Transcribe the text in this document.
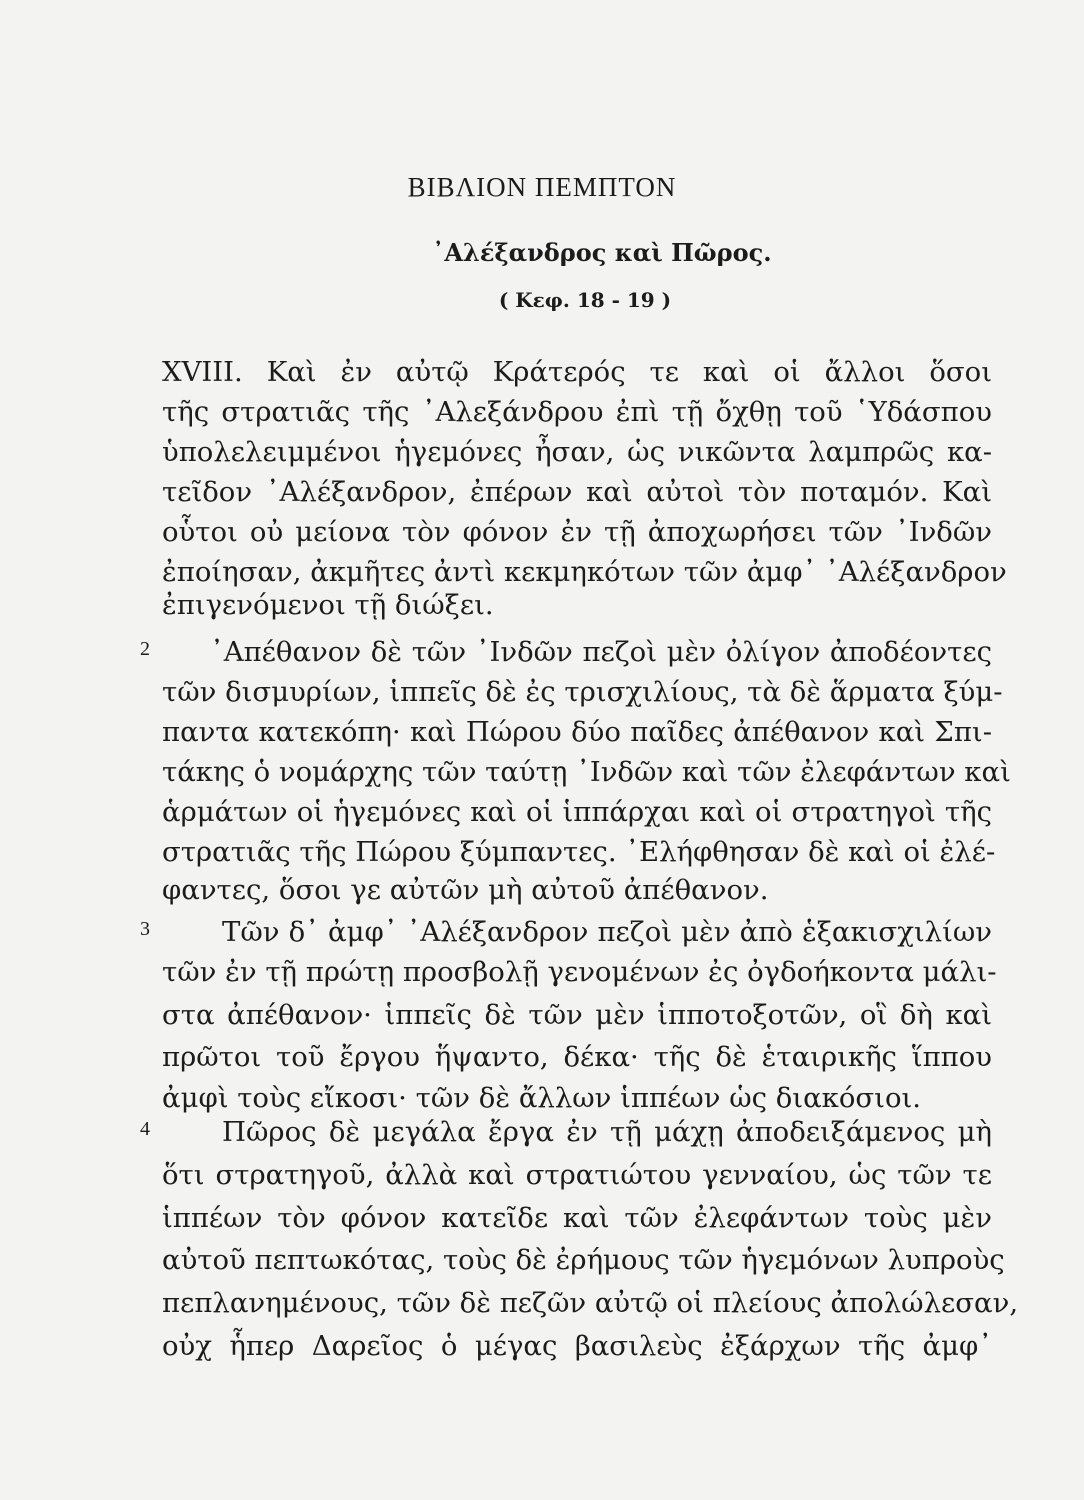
ΒΙΒΛΙΟΝ ΠΕΜΠΤΟΝ
᾿Αλέξανδρος καὶ Πῶρος.
( Κεφ. 18 - 19 )
XVIII. Καὶ ἐν αὐτῷ Κράτερός τε καὶ οἱ ἄλλοι ὅσοι
τῆς στρατιᾶς τῆς ᾿Αλεξάνδρου ἐπὶ τῇ ὄχθῃ τοῦ ῾Υδάσπου
ὑπολελειμμένοι ἡγεμόνες ἦσαν, ὡς νικῶντα λαμπρῶς κα-
τεῖδον ᾿Αλέξανδρον, ἐπέρων καὶ αὐτοὶ τὸν ποταμόν. Καὶ
οὗτοι οὐ μείονα τὸν φόνον ἐν τῇ ἀποχωρήσει τῶν ᾿Ινδῶν
ἐποίησαν, ἀκμῆτες ἀντὶ κεκμηκότων τῶν ἀμφ᾿ ᾿Αλέξανδρον
ἐπιγενόμενοι τῇ διώξει.
2 ᾿Απέθανον δὲ τῶν ᾿Ινδῶν πεζοὶ μὲν ὀλίγον ἀποδέοντες
τῶν δισμυρίων, ἱππεῖς δὲ ἐς τρισχιλίους, τὰ δὲ ἅρματα ξύμ-
παντα κατεκόπη· καὶ Πώρου δύο παῖδες ἀπέθανον καὶ Σπι-
τάκης ὁ νομάρχης τῶν ταύτῃ ᾿Ινδῶν καὶ τῶν ἐλεφάντων καὶ
ἁρμάτων οἱ ἡγεμόνες καὶ οἱ ἱππάρχαι καὶ οἱ στρατηγοὶ τῆς
στρατιᾶς τῆς Πώρου ξύμπαντες. ᾿Ελήφθησαν δὲ καὶ οἱ ἐλέ-
φαντες, ὅσοι γε αὐτῶν μὴ αὐτοῦ ἀπέθανον.
3	Τῶν δ᾿ ἀμφ᾿ ᾿Αλέξανδρον πεζοὶ μὲν ἀπὸ ἑξακισχιλίων
τῶν ἐν τῇ πρώτῃ προσβολῇ γενομένων ἐς ὀγδοήκοντα μάλι-
στα ἀπέθανον· ἱππεῖς δὲ τῶν μὲν ἱπποτοξοτῶν, οἳ δὴ καὶ
πρῶτοι τοῦ ἔργου ἥψαντο, δέκα· τῆς δὲ ἑταιρικῆς ἵππου
ἀμφὶ τοὺς εἴκοσι· τῶν δὲ ἄλλων ἱππέων ὡς διακόσιοι.
4	Πῶρος δὲ μεγάλα ἔργα ἐν τῇ μάχῃ ἀποδειξάμενος μὴ
ὅτι στρατηγοῦ, ἀλλὰ καὶ στρατιώτου γενναίου, ὡς τῶν τε
ἱππέων τὸν φόνον κατεῖδε καὶ τῶν ἐλεφάντων τοὺς μὲν
αὐτοῦ πεπτωκότας, τοὺς δὲ ἐρήμους τῶν ἡγεμόνων λυπροὺς
πεπλανημένους, τῶν δὲ πεζῶν αὐτῷ οἱ πλείους ἀπολώλεσαν,
οὐχ ἧπερ Δαρεῖος ὁ μέγας βασιλεὺς ἐξάρχων τῆς ἀμφ᾿
